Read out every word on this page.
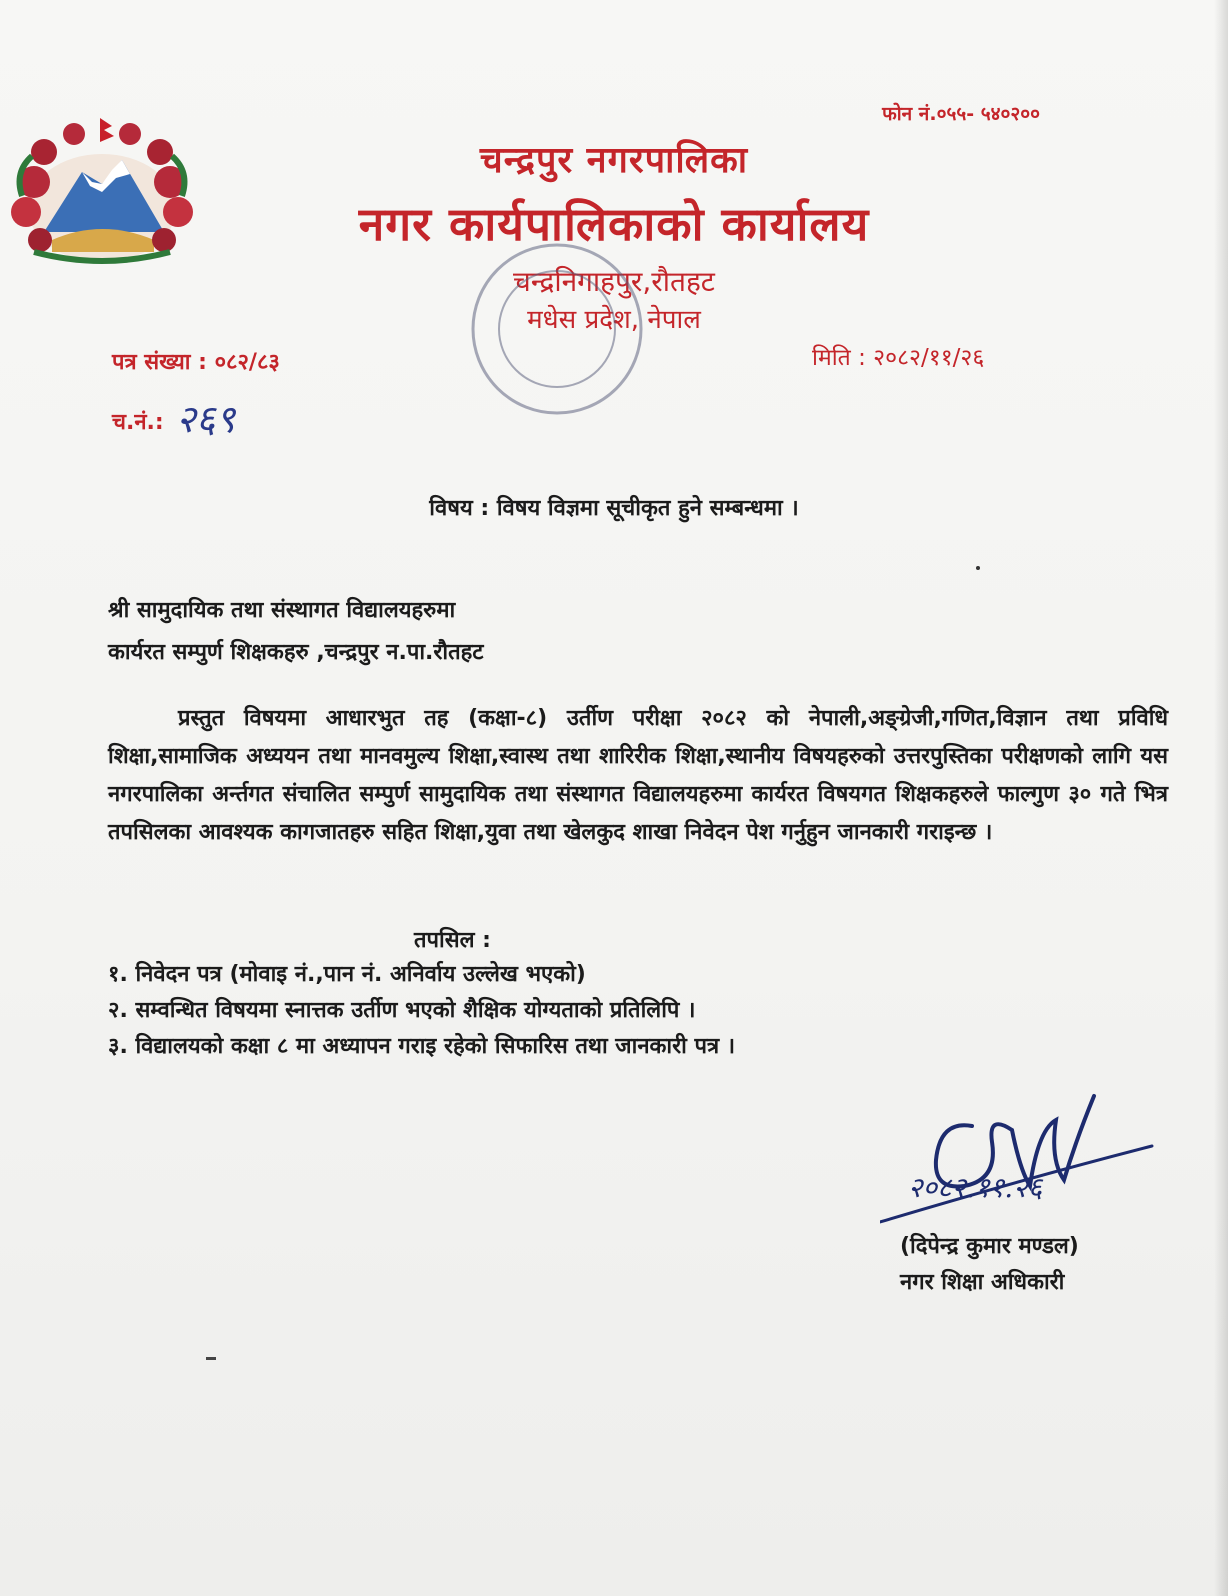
फोन नं.०५५- ५४०२००
चन्द्रपुर नगरपालिका
नगर कार्यपालिकाको कार्यालय
चन्द्रनिगाहपुर,रौतहट
मधेस प्रदेश, नेपाल
पत्र संख्या : ०८२/८३	मिति : २०८२/११/२६
च.नं.: २६९
विषय : विषय विज्ञमा सूचीकृत हुने सम्बन्धमा ।
श्री सामुदायिक तथा संस्थागत विद्यालयहरुमा
कार्यरत सम्पुर्ण शिक्षकहरु ,चन्द्रपुर न.पा.रौतहट
प्रस्तुत विषयमा आधारभुत तह (कक्षा-८) उर्तीण परीक्षा २०८२ को नेपाली,अङ्ग्रेजी,गणित,विज्ञान तथा प्रविधि शिक्षा,सामाजिक अध्ययन तथा मानवमुल्य शिक्षा,स्वास्थ तथा शारिरीक शिक्षा,स्थानीय विषयहरुको उत्तरपुस्तिका परीक्षणको लागि यस नगरपालिका अर्न्तगत संचालित सम्पुर्ण सामुदायिक तथा संस्थागत विद्यालयहरुमा कार्यरत विषयगत शिक्षकहरुले फाल्गुण ३० गते भित्र तपसिलका आवश्यक कागजातहरु सहित शिक्षा,युवा तथा खेलकुद शाखा निवेदन पेश गर्नुहुन जानकारी गराइन्छ ।
तपसिल :
१. निवेदन पत्र (मोवाइ नं.,पान नं. अनिर्वाय उल्लेख भएको)
२. सम्वन्धित विषयमा स्नात्तक उर्तीण भएको शैक्षिक योग्यताको प्रतिलिपि ।
३. विद्यालयको कक्षा ८ मा अध्यापन गराइ रहेको सिफारिस तथा जानकारी पत्र ।
२०८२.११.२६
(दिपेन्द्र कुमार मण्डल)
नगर शिक्षा अधिकारी
